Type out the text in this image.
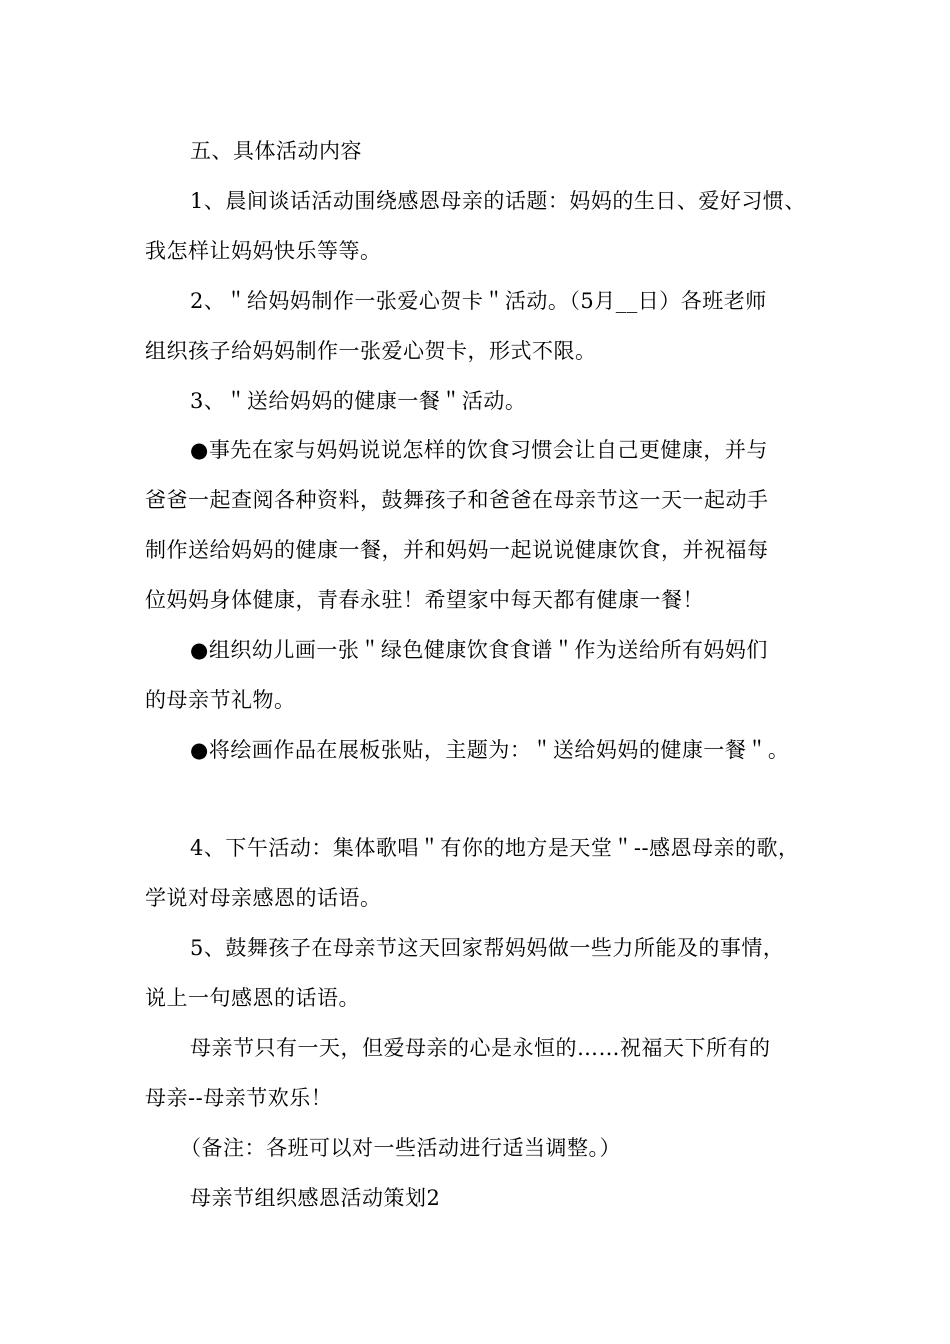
五、具体活动内容
1、晨间谈话活动围绕感恩母亲的话题：妈妈的生日、爱好习惯、
我怎样让妈妈快乐等等。
2、＂给妈妈制作一张爱心贺卡＂活动。（5月__日）各班老师
组织孩子给妈妈制作一张爱心贺卡，形式不限。
3、＂送给妈妈的健康一餐＂活动。
●事先在家与妈妈说说怎样的饮食习惯会让自己更健康，并与
爸爸一起查阅各种资料，鼓舞孩子和爸爸在母亲节这一天一起动手
制作送给妈妈的健康一餐，并和妈妈一起说说健康饮食，并祝福每
位妈妈身体健康，青春永驻！希望家中每天都有健康一餐！
●组织幼儿画一张＂绿色健康饮食食谱＂作为送给所有妈妈们
的母亲节礼物。
●将绘画作品在展板张贴，主题为：＂送给妈妈的健康一餐＂。
4、下午活动：集体歌唱＂有你的地方是天堂＂--感恩母亲的歌，
学说对母亲感恩的话语。
5、鼓舞孩子在母亲节这天回家帮妈妈做一些力所能及的事情，
说上一句感恩的话语。
母亲节只有一天，但爱母亲的心是永恒的……祝福天下所有的
母亲--母亲节欢乐！
（备注：各班可以对一些活动进行适当调整。）
母亲节组织感恩活动策划2
